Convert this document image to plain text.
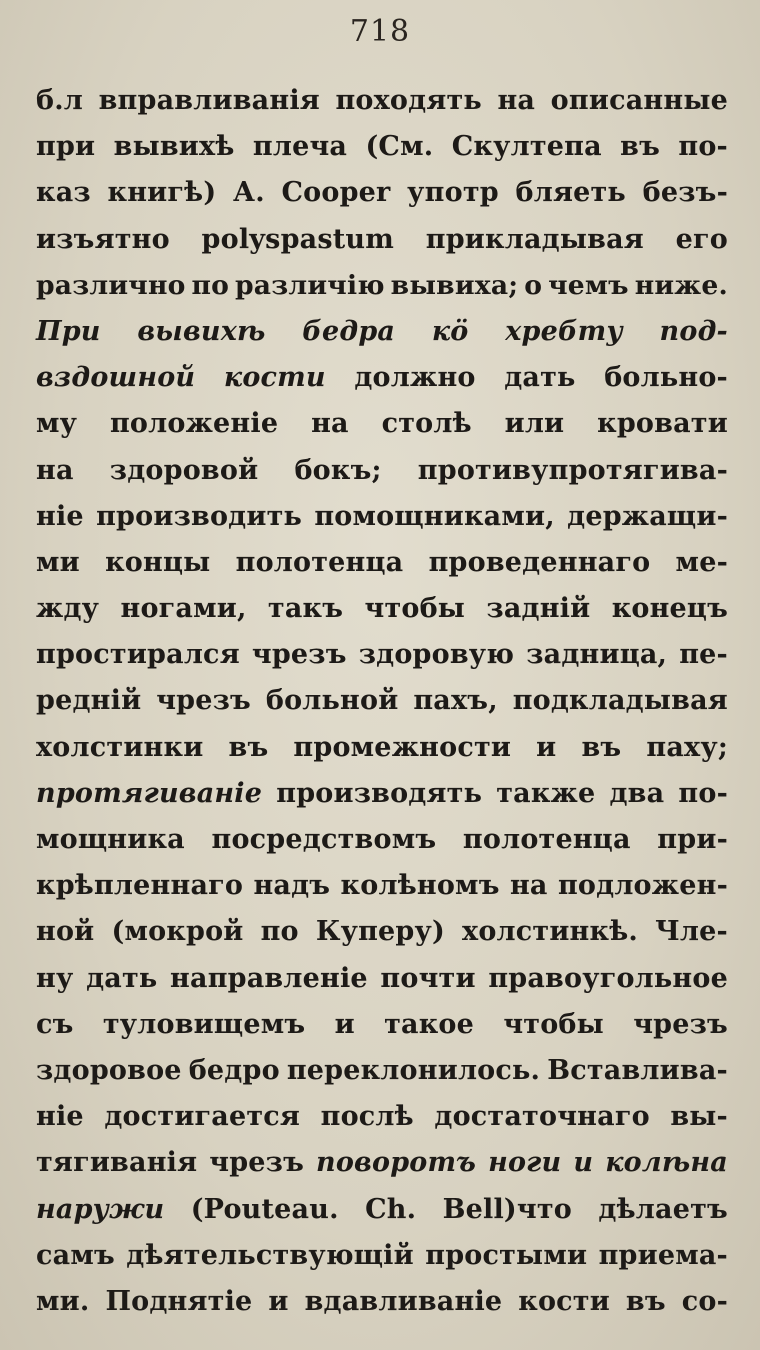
718
б.л вправливанія походять на описанные
при вывихѣ плеча (См. Скултепа въ по-
каз книгѣ) А. Cooper употр бляеть безъ-
изъятно polyspastum прикладывая его
различно по различію вывиха; о чемъ ниже.
При вывихѣ бедра кö хребту под-
вздошной кости должно дать больно-
му положеніе на столѣ или кровати
на здоровой бокъ; противупротягива-
ніе производить помощниками, держащи-
ми концы полотенца проведеннаго ме-
жду ногами, такъ чтобы задній конецъ
простирался чрезъ здоровую задница, пе-
редній чрезъ больной пахъ, подкладывая
холстинки въ промежности и въ паху;
протягиваніе производять также два по-
мощника посредствомъ полотенца при-
крѣпленнаго надъ колѣномъ на подложен-
ной (мокрой по Куперу) холстинкѣ. Чле-
ну дать направленіе почти правоугольное
съ туловищемъ и такое чтобы чрезъ
здоровое бедро переклонилось. Вставлива-
ніе достигается послѣ достаточнаго вы-
тягиванія чрезъ поворотъ ноги и колѣна
наружи (Pouteau. Ch. Bell)что дѣлаетъ
самъ дѣятельствующій простыми приема-
ми. Поднятіе и вдавливаніе кости въ со-
